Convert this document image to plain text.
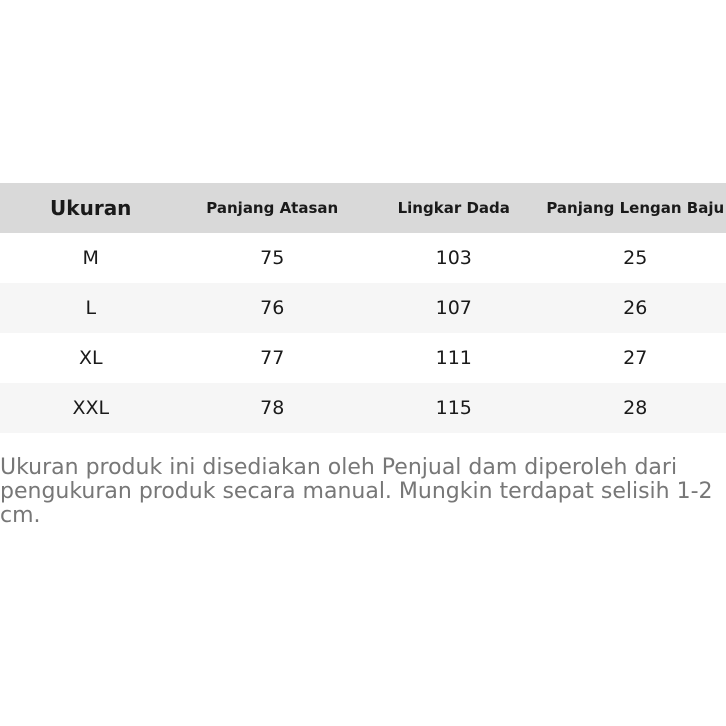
Ukuran	Panjang Atasan	Lingkar Dada	Panjang Lengan Baju
M	75	103	25
L	76	107	26
XL	77	111	27
XXL	78	115	28

Ukuran produk ini disediakan oleh Penjual dam diperoleh dari pengukuran produk secara manual. Mungkin terdapat selisih 1-2 cm.
